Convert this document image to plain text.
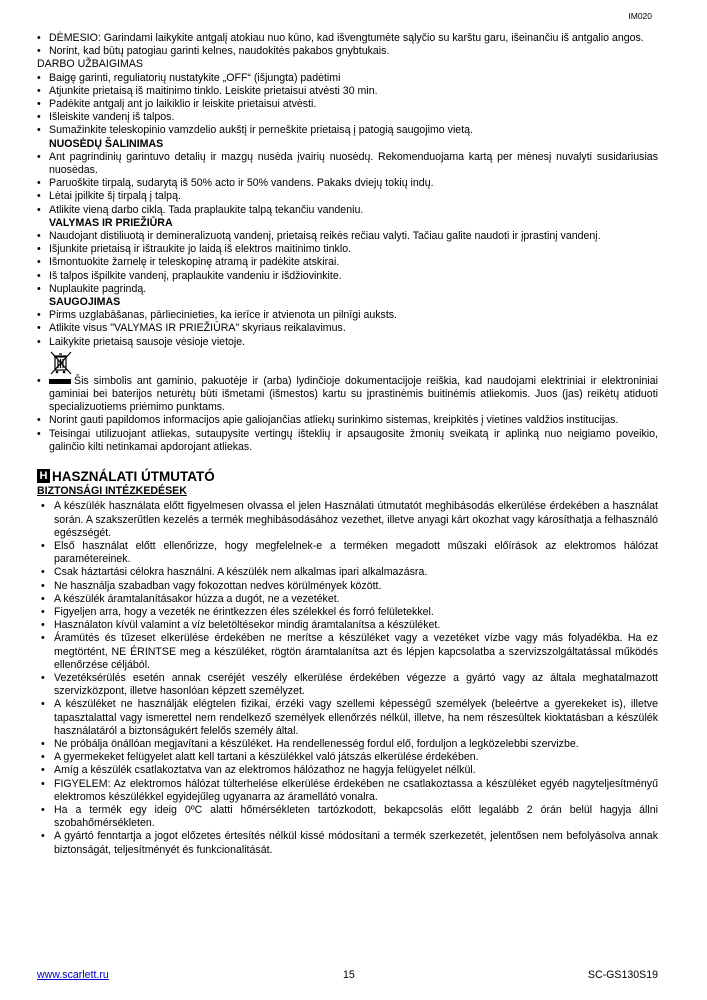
IM020
• DĖMESIO: Garindami laikykite antgalį atokiau nuo kūno, kad išvengtumėte sąlyčio su karštu garu, išeinančiu iš antgalio angos.
• Norint, kad būtų patogiau garinti kelnes, naudokitės pakabos gnybtukais.
DARBO UŽBAIGIMAS
• Baigę garinti, reguliatorių nustatykite „OFF“ (išjungta) padėtimi
• Atjunkite prietaisą iš maitinimo tinklo. Leiskite prietaisui atvėsti 30 min.
• Padėkite antgalį ant jo laikiklio ir leiskite prietaisui atvėsti.
• Išleiskite vandenį iš talpos.
• Sumažinkite teleskopinio vamzdelio aukštį ir perneškite prietaisą į patogią saugojimo vietą.
NUOSĖDŲ ŠALINIMAS
• Ant pagrindinių garintuvo detalių ir mazgų nusėda įvairių nuosėdų. Rekomenduojama kartą per mėnesį nuvalyti susidariusias nuosėdas.
• Paruoškite tirpalą, sudarytą iš 50% acto ir 50% vandens. Pakaks dviejų tokių indų.
• Lėtai įpilkite šį tirpalą į talpą.
• Atlikite vieną darbo ciklą. Tada praplaukite talpą tekančiu vandeniu.
VALYMAS IR PRIEŽIŪRA
• Naudojant distiliuotą ir demineralizuotą vandenį, prietaisą reikės rečiau valyti. Tačiau galite naudoti ir įprastinį vandenį.
• Išjunkite prietaisą ir ištraukite jo laidą iš elektros maitinimo tinklo.
• Išmontuokite žarnelę ir teleskopinę atramą ir padėkite atskirai.
• Iš talpos išpilkite vandenį, praplaukite vandeniu ir išdžiovinkite.
• Nuplaukite pagrindą.
SAUGOJIMAS
• Pirms uzglabāšanas, pārliecinieties, ka ierīce ir atvienota un pilnīgi auksts.
• Atlikite visus "VALYMAS IR PRIEŽIŪRA" skyriaus reikalavimus.
• Laikykite prietaisą sausoje vėsioje vietoje.
•	Šis simbolis ant gaminio, pakuotėje ir (arba) lydinčioje dokumentacijoje reiškia, kad naudojami elektriniai ir elektroniniai gaminiai bei baterijos neturėtų būti išmetami (išmestos) kartu su įprastinėmis buitinėmis atliekomis. Juos (jas) reikėtų atiduoti specializuotiems priėmimo punktams.
• Norint gauti papildomos informacijos apie galiojančias atliekų surinkimo sistemas, kreipkitės į vietines valdžios institucijas.
• Teisingai utilizuojant atliekas, sutaupysite vertingų išteklių ir apsaugosite žmonių sveikatą ir aplinką nuo neigiamo poveikio, galinčio kilti netinkamai apdorojant atliekas.
H HASZNÁLATI ÚTMUTATÓ
BIZTONSÁGI INTÉZKEDÉSEK
• A készülék használata előtt figyelmesen olvassa el jelen Használati útmutatót meghibásodás elkerülése érdekében a használat során. A szakszerűtlen kezelés a termék meghibásodásához vezethet, illetve anyagi kárt okozhat vagy károsíthatja a felhasználó egészségét.
• Első használat előtt ellenőrizze, hogy megfelelnek-e a terméken megadott műszaki előírások az elektromos hálózat paramétereinek.
• Csak háztartási célokra használni. A készülék nem alkalmas ipari alkalmazásra.
• Ne használja szabadban vagy fokozottan nedves körülmények között.
• A készülék áramtalanításakor húzza a dugót, ne a vezetéket.
• Figyeljen arra, hogy a vezeték ne érintkezzen éles szélekkel és forró felületekkel.
• Használaton kívül valamint a víz beletöltésekor mindig áramtalanítsa a készüléket.
• Áramütés és tűzeset elkerülése érdekében ne merítse a készüléket vagy a vezetéket vízbe vagy más folyadékba. Ha ez megtörtént, NE ÉRINTSE meg a készüléket, rögtön áramtalanítsa azt és lépjen kapcsolatba a szervizszolgáltatással működés ellenőrzése céljából.
• Vezetéksérülés esetén annak cseréjét veszély elkerülése érdekében végezze a gyártó vagy az általa meghatalmazott szervizközpont, illetve hasonlóan képzett személyzet.
• A készüléket ne használják elégtelen fizikai, érzéki vagy szellemi képességű személyek (beleértve a gyerekeket is), illetve tapasztalattal vagy ismerettel nem rendelkező személyek ellenőrzés nélkül, illetve, ha nem részesültek kioktatásban a készülék használatáról a biztonságukért felelős személy által.
• Ne próbálja önállóan megjavítani a készüléket. Ha rendellenesség fordul elő, forduljon a legközelebbi szervizbe.
• A gyermekeket felügyelet alatt kell tartani a készülékkel való játszás elkerülése érdekében.
• Amíg a készülék csatlakoztatva van az elektromos hálózathoz ne hagyja felügyelet nélkül.
• FIGYELEM: Az elektromos hálózat túlterhelése elkerülése érdekében ne csatlakoztassa a készüléket egyéb nagyteljesítményű elektromos készülékkel egyidejűleg ugyanarra az áramellátó vonalra.
• Ha a termék egy ideig 0ºC alatti hőmérsékleten tartózkodott, bekapcsolás előtt legalább 2 órán belül hagyja állni szobahőmérsékleten.
• A gyártó fenntartja a jogot előzetes értesítés nélkül kissé módosítani a termék szerkezetét, jelentősen nem befolyásolva annak biztonságát, teljesítményét és funkcionalitását.
www.scarlett.ru	15	SC-GS130S19
